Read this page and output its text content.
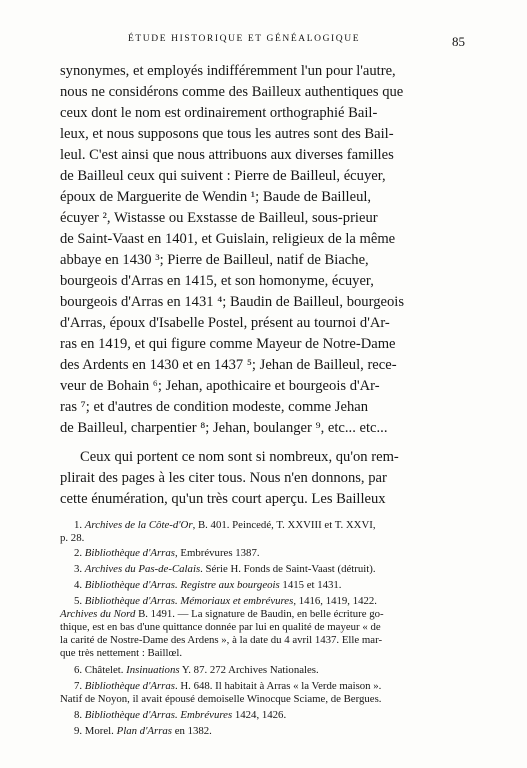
ÉTUDE HISTORIQUE ET GÉNÉALOGIQUE	85
synonymes, et employés indifféremment l'un pour l'autre,
nous ne considérons comme des Bailleux authentiques que
ceux dont le nom est ordinairement orthographié Bail-
leux, et nous supposons que tous les autres sont des Bail-
leul. C'est ainsi que nous attribuons aux diverses familles
de Bailleul ceux qui suivent : Pierre de Bailleul, écuyer,
époux de Marguerite de Wendin ¹; Baude de Bailleul,
écuyer ², Wistasse ou Exstasse de Bailleul, sous-prieur
de Saint-Vaast en 1401, et Guislain, religieux de la même
abbaye en 1430 ³; Pierre de Bailleul, natif de Biache,
bourgeois d'Arras en 1415, et son homonyme, écuyer,
bourgeois d'Arras en 1431 ⁴; Baudin de Bailleul, bourgeois
d'Arras, époux d'Isabelle Postel, présent au tournoi d'Ar-
ras en 1419, et qui figure comme Mayeur de Notre-Dame
des Ardents en 1430 et en 1437 ⁵; Jehan de Bailleul, rece-
veur de Bohain ⁶; Jehan, apothicaire et bourgeois d'Ar-
ras ⁷; et d'autres de condition modeste, comme Jehan
de Bailleul, charpentier ⁸; Jehan, boulanger ⁹, etc... etc...
Ceux qui portent ce nom sont si nombreux, qu'on rem-
plirait des pages à les citer tous. Nous n'en donnons, par
cette énumération, qu'un très court aperçu. Les Bailleux
1. Archives de la Côte-d'Or, B. 401. Peincedé, T. XXVIII et T. XXVI,
p. 28.
2. Bibliothèque d'Arras, Embrévures 1387.
3. Archives du Pas-de-Calais. Série H. Fonds de Saint-Vaast (détruit).
4. Bibliothèque d'Arras. Registre aux bourgeois 1415 et 1431.
5. Bibliothèque d'Arras. Mémoriaux et embrévures, 1416, 1419, 1422.
Archives du Nord B. 1491. — La signature de Baudin, en belle écriture go-
thique, est en bas d'une quittance donnée par lui en qualité de mayeur « de
la carité de Nostre-Dame des Ardens », à la date du 4 avril 1437. Elle mar-
que très nettement : Baillœl.
6. Châtelet. Insinuations Y. 87. 272 Archives Nationales.
7. Bibliothèque d'Arras. H. 648. Il habitait à Arras « la Verde maison ».
Natif de Noyon, il avait épousé demoiselle Winocque Sciame, de Bergues.
8. Bibliothèque d'Arras. Embrévures 1424, 1426.
9. Morel. Plan d'Arras en 1382.
